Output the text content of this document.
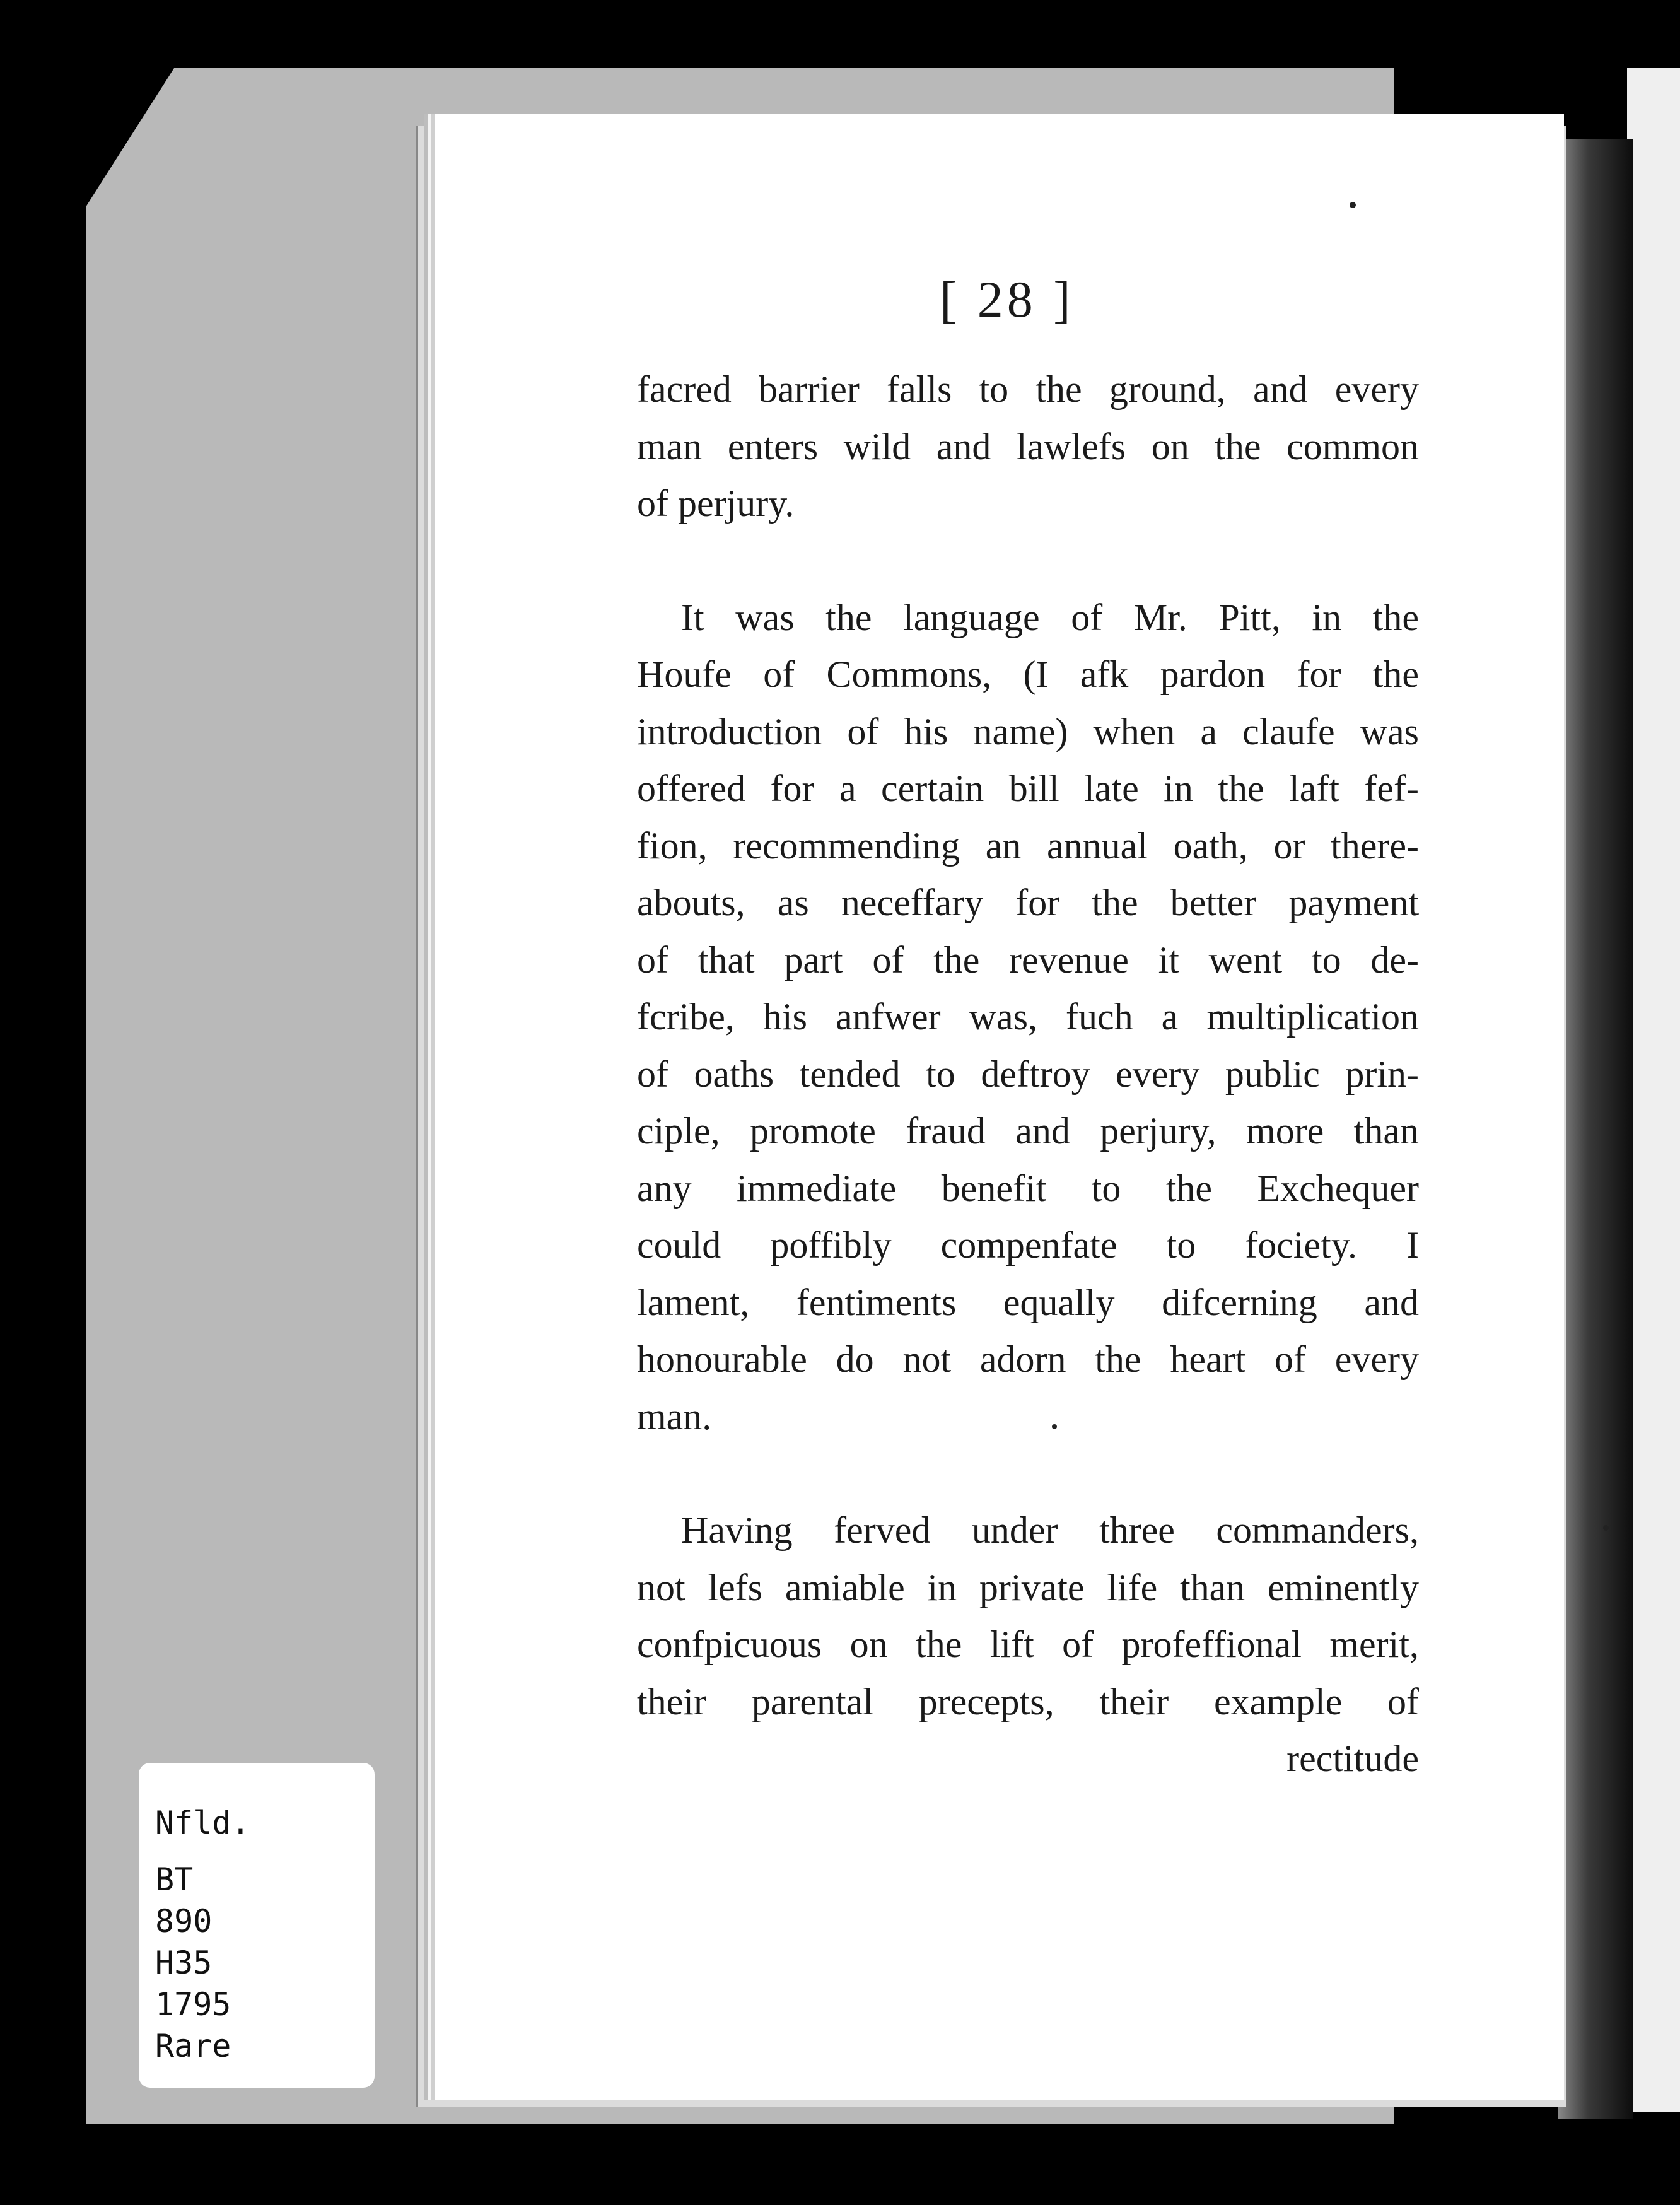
[ 28 ]
facred barrier falls to the ground, and every
man enters wild and lawlefs on the common
of perjury.
It was the language of Mr. Pitt, in the
Houfe of Commons, (I afk pardon for the
introduction of his name) when a claufe was
offered for a certain bill late in the laft fef-
fion, recommending an annual oath, or there-
abouts, as neceffary for the better payment
of that part of the revenue it went to de-
fcribe, his anfwer was, fuch a multiplication
of oaths tended to deftroy every public prin-
ciple, promote fraud and perjury, more than
any immediate benefit to the Exchequer
could poffibly compenfate to fociety. I
lament, fentiments equally difcerning and
honourable do not adorn the heart of every
man.
Having ferved under three commanders,
not lefs amiable in private life than eminently
confpicuous on the lift of profeffional merit,
their parental precepts, their example of
rectitude
Nfld.
BT
890
H35
1795
Rare
